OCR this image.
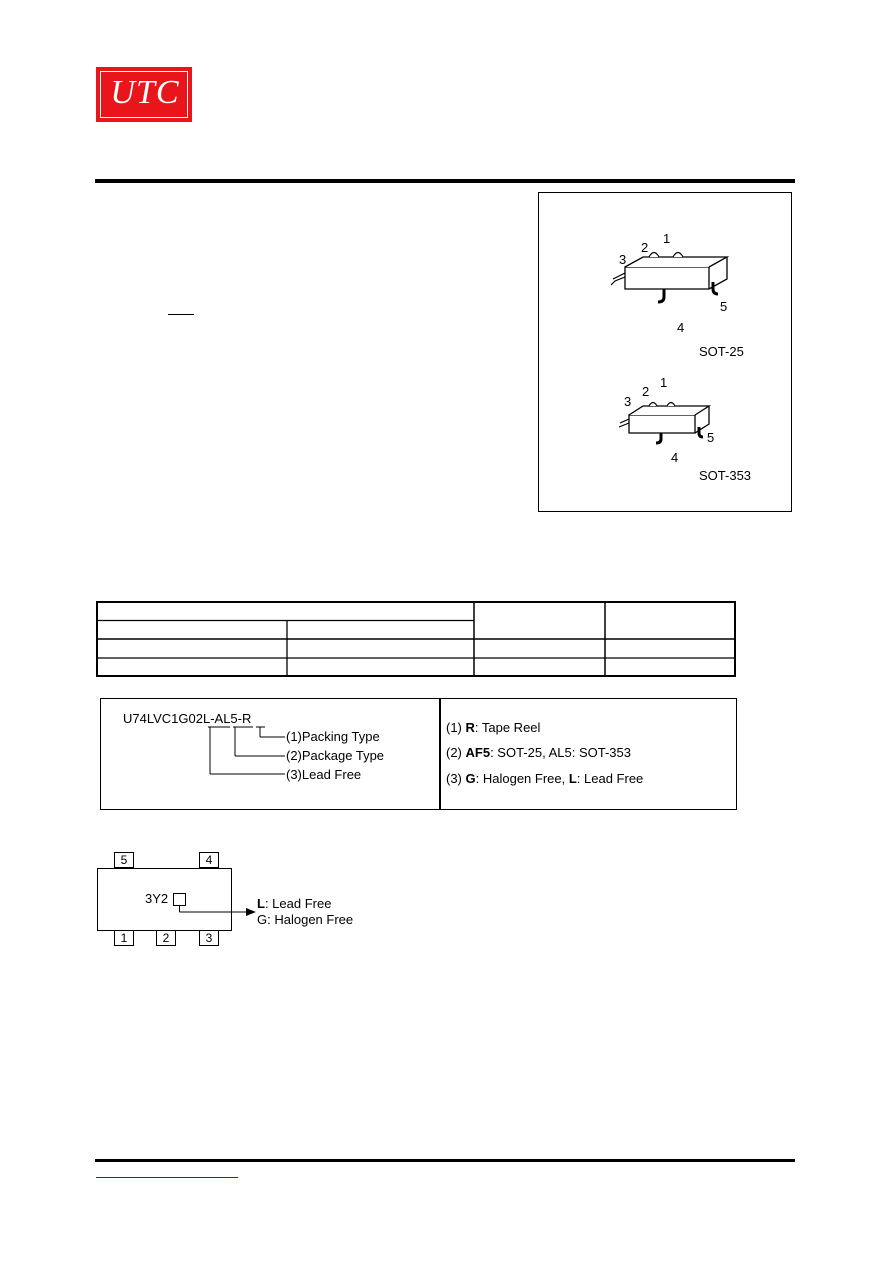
UTC
1
2
3
4
5
SOT-25
1
2
3
4
5
SOT-353
U74LVC1G02L-AL5-R
(1)Packing Type
(2)Package Type
(3)Lead Free
(1) R: Tape Reel
(2) AF5: SOT-25, AL5: SOT-353
(3) G: Halogen Free, L: Lead Free
5	4
1	2	3
3Y2	L: Lead Free
G: Halogen Free
